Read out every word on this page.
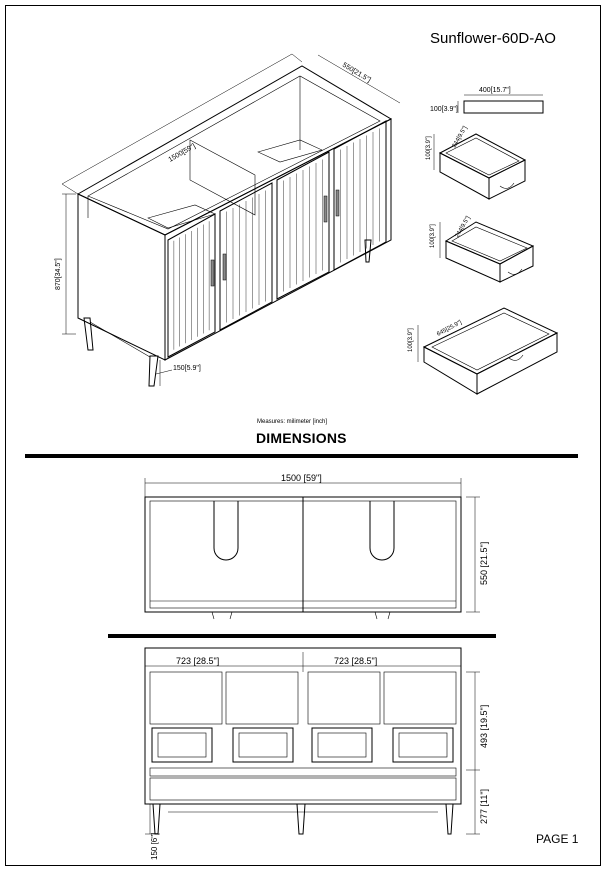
Sunflower-60D-AO
Measures: milimeter [inch]
DIMENSIONS
PAGE 1
1500[59"]
550[21.5"]
870[34.5"]
150[5.9"]
400[15.7"]
100[3.9"]
100[3.9"]	244[9.5"]
100[3.9"]	244[9.5"]
100[3.9"]	645[25.9"]
1500 [59"]
550 [21.5"]
723 [28.5"]	723 [28.5"]
493 [19.5"]
277 [11"]
150 [6"]
